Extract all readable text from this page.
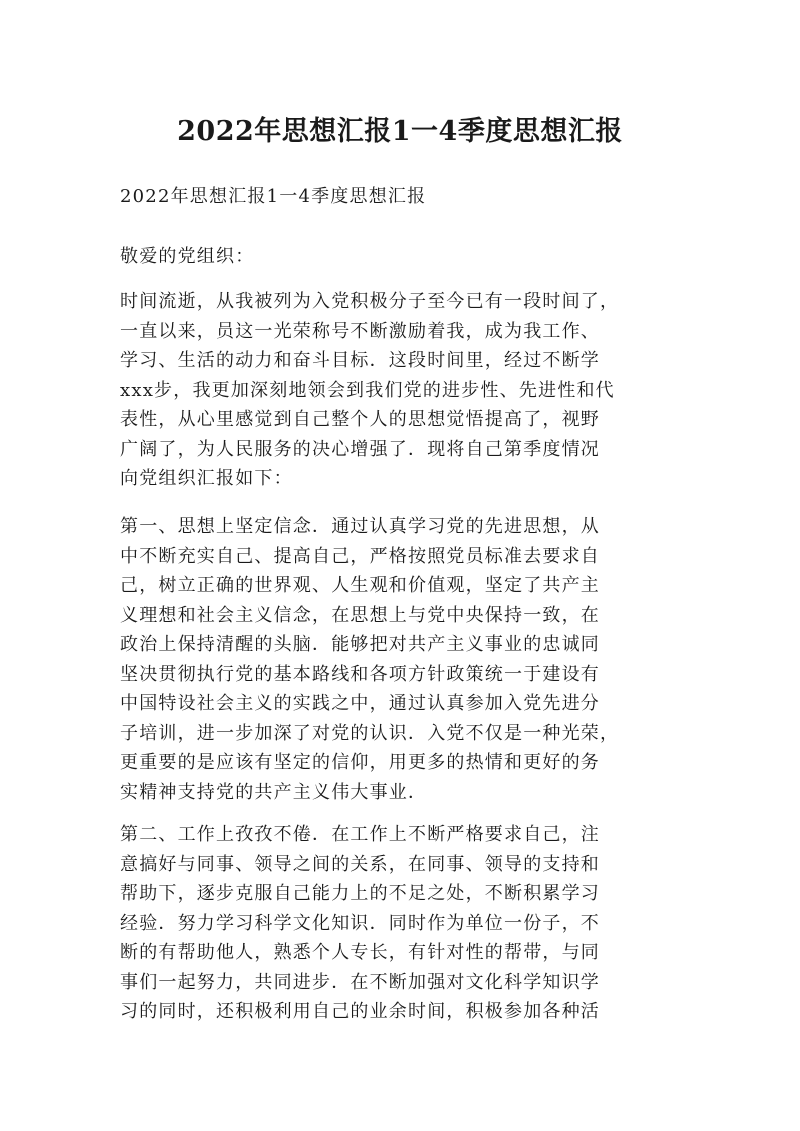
2022年思想汇报1一4季度思想汇报

2022年思想汇报1一4季度思想汇报

敬爱的党组织：

时间流逝，从我被列为入党积极分子至今已有一段时间了，
一直以来，员这一光荣称号不断激励着我，成为我工作、
学习、生活的动力和奋斗目标．这段时间里，经过不断学
xxx步，我更加深刻地领会到我们党的进步性、先进性和代
表性，从心里感觉到自己整个人的思想觉悟提高了，视野
广阔了，为人民服务的决心增强了．现将自己第季度情况
向党组织汇报如下：
第一、思想上坚定信念．通过认真学习党的先进思想，从
中不断充实自己、提高自己，严格按照党员标准去要求自
己，树立正确的世界观、人生观和价值观，坚定了共产主
义理想和社会主义信念，在思想上与党中央保持一致，在
政治上保持清醒的头脑．能够把对共产主义事业的忠诚同
坚决贯彻执行党的基本路线和各项方针政策统一于建设有
中国特设社会主义的实践之中，通过认真参加入党先进分
子培训，进一步加深了对党的认识．入党不仅是一种光荣，
更重要的是应该有坚定的信仰，用更多的热情和更好的务
实精神支持党的共产主义伟大事业．
第二、工作上孜孜不倦．在工作上不断严格要求自己，注
意搞好与同事、领导之间的关系，在同事、领导的支持和
帮助下，逐步克服自己能力上的不足之处，不断积累学习
经验．努力学习科学文化知识．同时作为单位一份子，不
断的有帮助他人，熟悉个人专长，有针对性的帮带，与同
事们一起努力，共同进步．在不断加强对文化科学知识学
习的同时，还积极利用自己的业余时间，积极参加各种活
